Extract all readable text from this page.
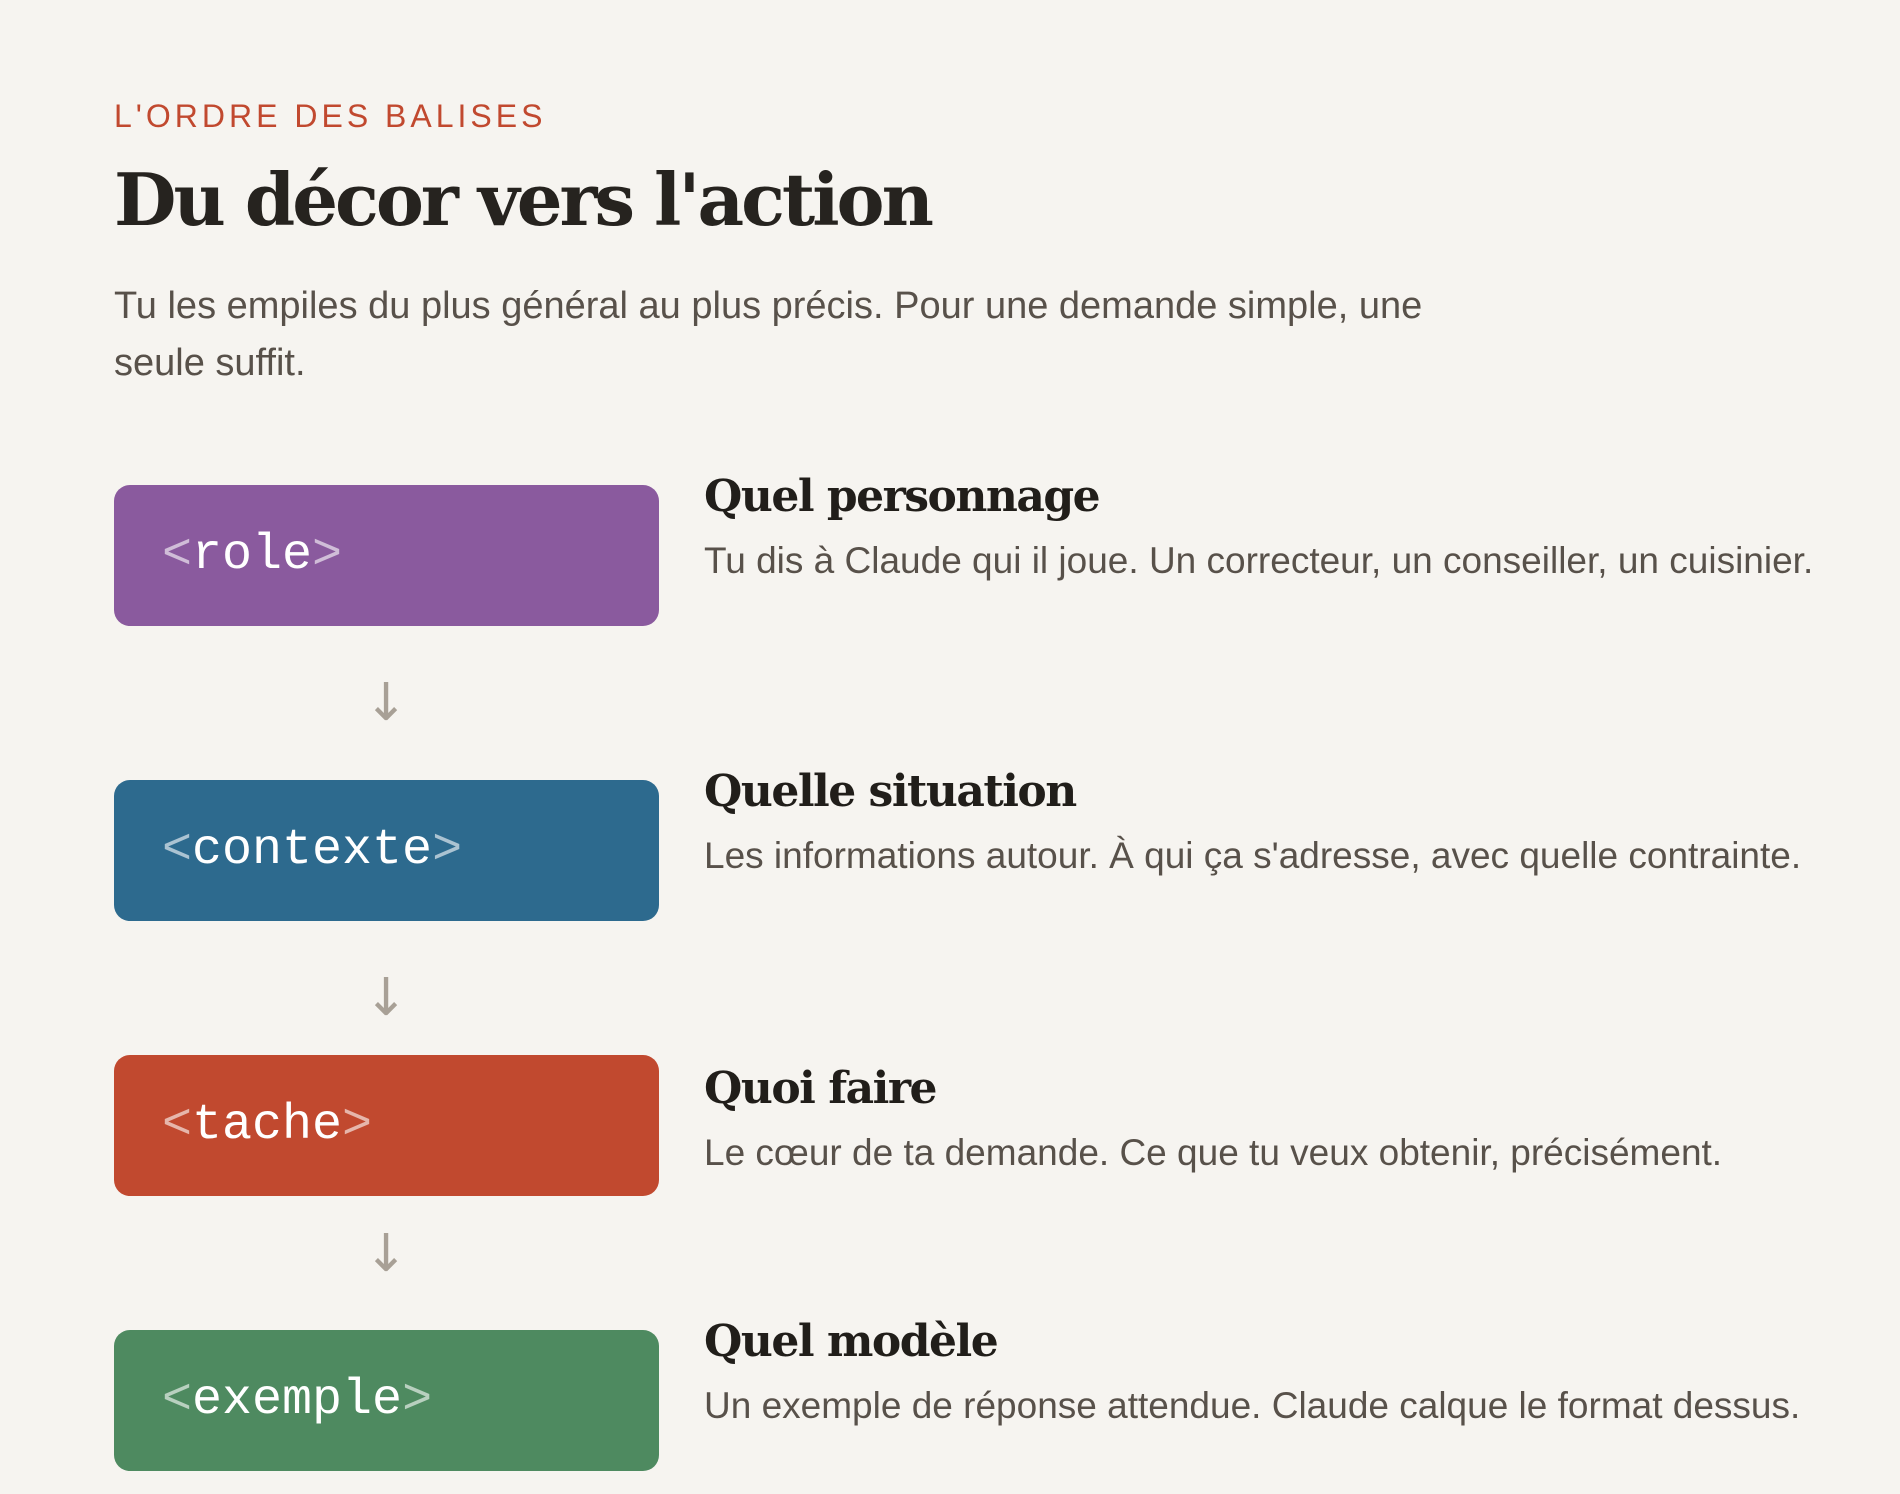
L'ORDRE DES BALISES
Du décor vers l'action

Tu les empiles du plus général au plus précis. Pour une demande simple, une seule suffit.

< role >
Quel personnage

Tu dis à Claude qui il joue. Un correcteur, un conseiller, un cuisinier.

↓
< contexte >
Quelle situation

Les informations autour. À qui ça s'adresse, avec quelle contrainte.

↓
< tache >
Quoi faire

Le cœur de ta demande. Ce que tu veux obtenir, précisément.

↓
< exemple >
Quel modèle

Un exemple de réponse attendue. Claude calque le format dessus.
